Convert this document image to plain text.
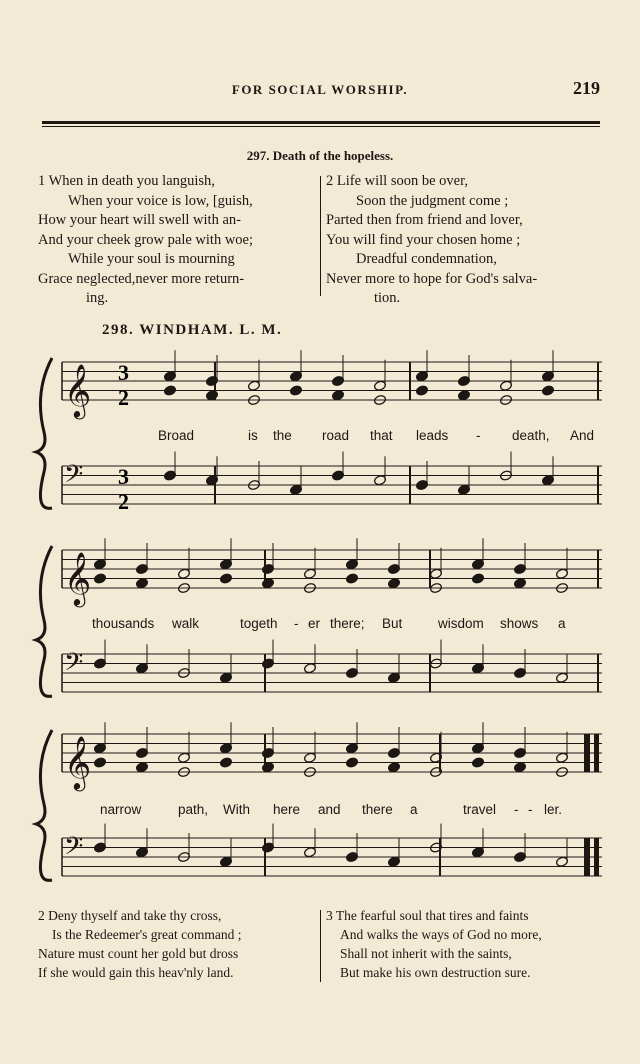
FOR SOCIAL WORSHIP.	219
297. Death of the hopeless.
1 When in death you languish,
When your voice is low, [guish,
How your heart will swell with an-
And your cheek grow pale with woe;
While your soul is mourning
Grace neglected,never more return-
ing.
2 Life will soon be over,
Soon the judgment come ;
Parted then from friend and lover,
You will find your chosen home ;
Dreadful condemnation,
Never more to hope for God's salva-
tion.
298. WINDHAM. L. M.
𝄞
𝄢
𝄞
𝄢
𝄞
𝄢
3
2
3
2
Broad	is the road that leads - death, And
thousands walk	togeth - er there; But	wisdom shows a
narrow	path, With here and there a	travel - - ler.
2 Deny thyself and take thy cross,
Is the Redeemer's great command ;
Nature must count her gold but dross
If she would gain this heav'nly land.
3 The fearful soul that tires and faints
And walks the ways of God no more,
Shall not inherit with the saints,
But make his own destruction sure.
